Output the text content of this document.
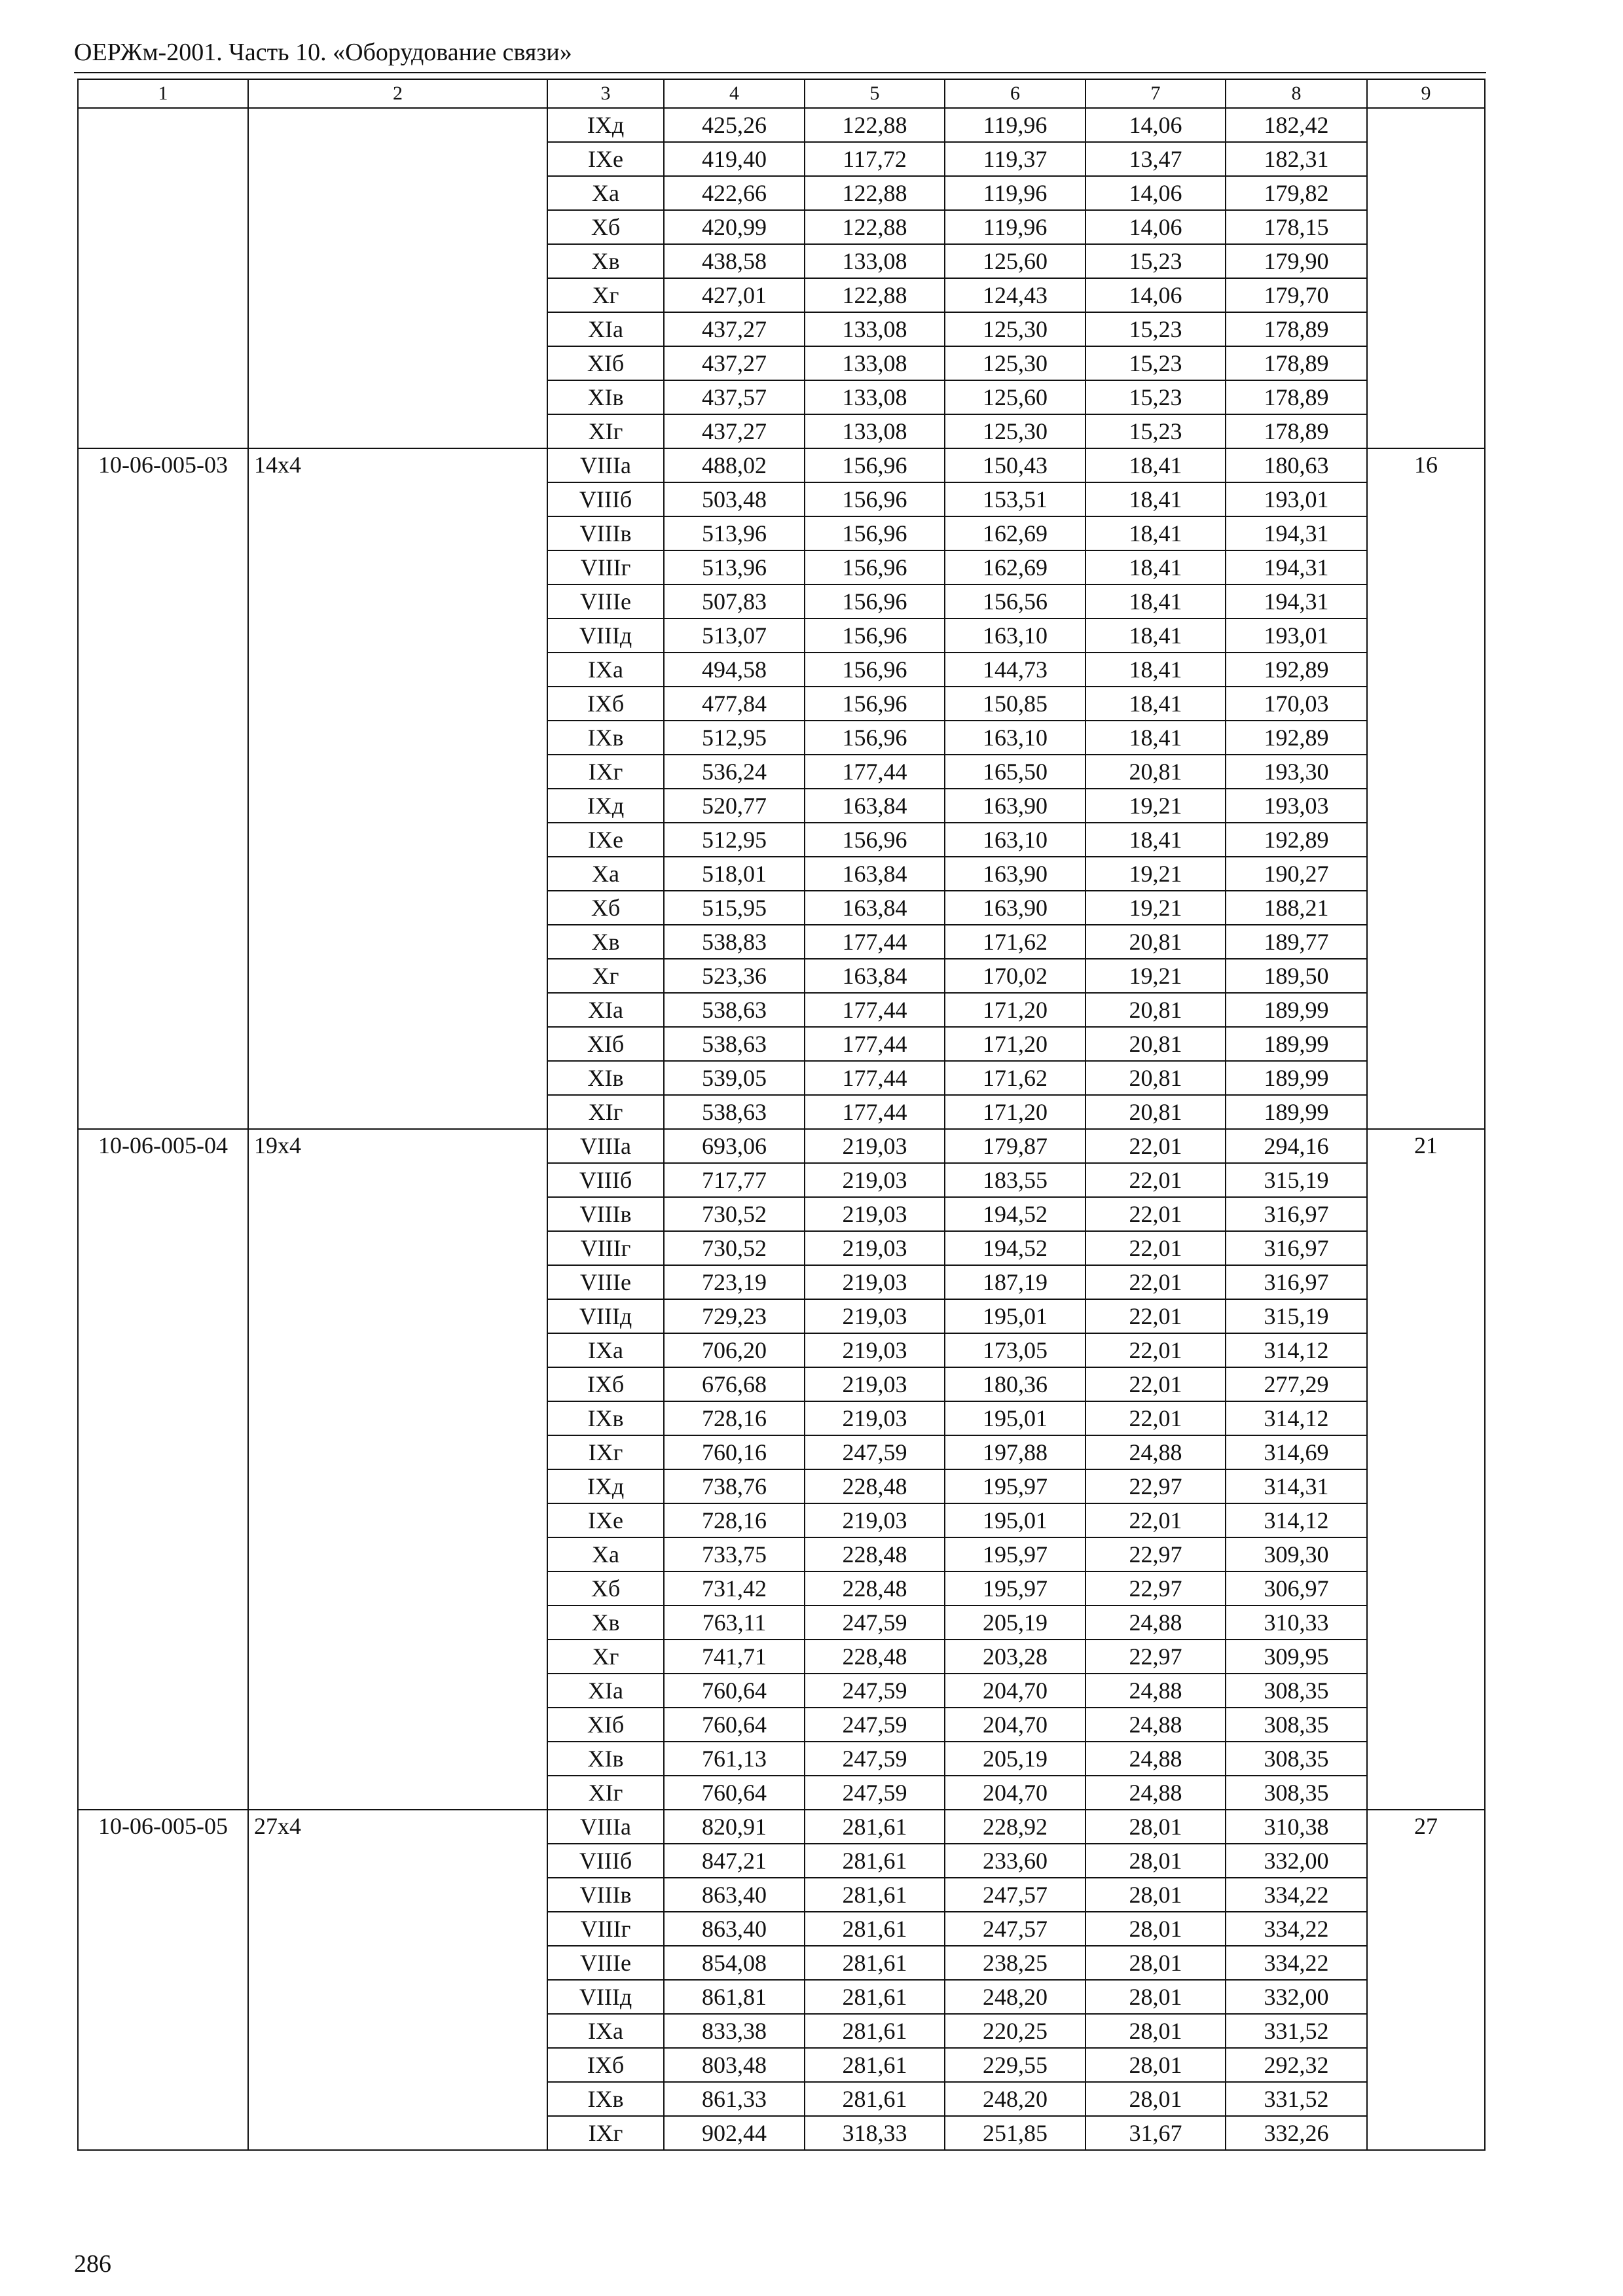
ОЕРЖм-2001. Часть 10. «Оборудование связи»
1	2	3	4	5	6	7	8	9
		IXд	425,26	122,88	119,96	14,06	182,42	
		IXe	419,40	117,72	119,37	13,47	182,31	
		Xa	422,66	122,88	119,96	14,06	179,82	
		Xб	420,99	122,88	119,96	14,06	178,15	
		Xв	438,58	133,08	125,60	15,23	179,90	
		Xг	427,01	122,88	124,43	14,06	179,70	
		XIa	437,27	133,08	125,30	15,23	178,89	
		XIб	437,27	133,08	125,30	15,23	178,89	
		XIв	437,57	133,08	125,60	15,23	178,89	
		XIг	437,27	133,08	125,30	15,23	178,89	
10-06-005-03	14x4	VIIIa	488,02	156,96	150,43	18,41	180,63	16
		VIIIб	503,48	156,96	153,51	18,41	193,01	
		VIIIв	513,96	156,96	162,69	18,41	194,31	
		VIIIг	513,96	156,96	162,69	18,41	194,31	
		VIIIe	507,83	156,96	156,56	18,41	194,31	
		VIIIд	513,07	156,96	163,10	18,41	193,01	
		IXa	494,58	156,96	144,73	18,41	192,89	
		IXб	477,84	156,96	150,85	18,41	170,03	
		IXв	512,95	156,96	163,10	18,41	192,89	
		IXг	536,24	177,44	165,50	20,81	193,30	
		IXд	520,77	163,84	163,90	19,21	193,03	
		IXe	512,95	156,96	163,10	18,41	192,89	
		Xa	518,01	163,84	163,90	19,21	190,27	
		Xб	515,95	163,84	163,90	19,21	188,21	
		Xв	538,83	177,44	171,62	20,81	189,77	
		Xг	523,36	163,84	170,02	19,21	189,50	
		XIa	538,63	177,44	171,20	20,81	189,99	
		XIб	538,63	177,44	171,20	20,81	189,99	
		XIв	539,05	177,44	171,62	20,81	189,99	
		XIг	538,63	177,44	171,20	20,81	189,99	
10-06-005-04	19x4	VIIIa	693,06	219,03	179,87	22,01	294,16	21
		VIIIб	717,77	219,03	183,55	22,01	315,19	
		VIIIв	730,52	219,03	194,52	22,01	316,97	
		VIIIг	730,52	219,03	194,52	22,01	316,97	
		VIIIe	723,19	219,03	187,19	22,01	316,97	
		VIIIд	729,23	219,03	195,01	22,01	315,19	
		IXa	706,20	219,03	173,05	22,01	314,12	
		IXб	676,68	219,03	180,36	22,01	277,29	
		IXв	728,16	219,03	195,01	22,01	314,12	
		IXг	760,16	247,59	197,88	24,88	314,69	
		IXд	738,76	228,48	195,97	22,97	314,31	
		IXe	728,16	219,03	195,01	22,01	314,12	
		Xa	733,75	228,48	195,97	22,97	309,30	
		Xб	731,42	228,48	195,97	22,97	306,97	
		Xв	763,11	247,59	205,19	24,88	310,33	
		Xг	741,71	228,48	203,28	22,97	309,95	
		XIa	760,64	247,59	204,70	24,88	308,35	
		XIб	760,64	247,59	204,70	24,88	308,35	
		XIв	761,13	247,59	205,19	24,88	308,35	
		XIг	760,64	247,59	204,70	24,88	308,35	
10-06-005-05	27x4	VIIIa	820,91	281,61	228,92	28,01	310,38	27
		VIIIб	847,21	281,61	233,60	28,01	332,00	
		VIIIв	863,40	281,61	247,57	28,01	334,22	
		VIIIг	863,40	281,61	247,57	28,01	334,22	
		VIIIe	854,08	281,61	238,25	28,01	334,22	
		VIIIд	861,81	281,61	248,20	28,01	332,00	
		IXa	833,38	281,61	220,25	28,01	331,52	
		IXб	803,48	281,61	229,55	28,01	292,32	
		IXв	861,33	281,61	248,20	28,01	331,52	
		IXг	902,44	318,33	251,85	31,67	332,26	
286
